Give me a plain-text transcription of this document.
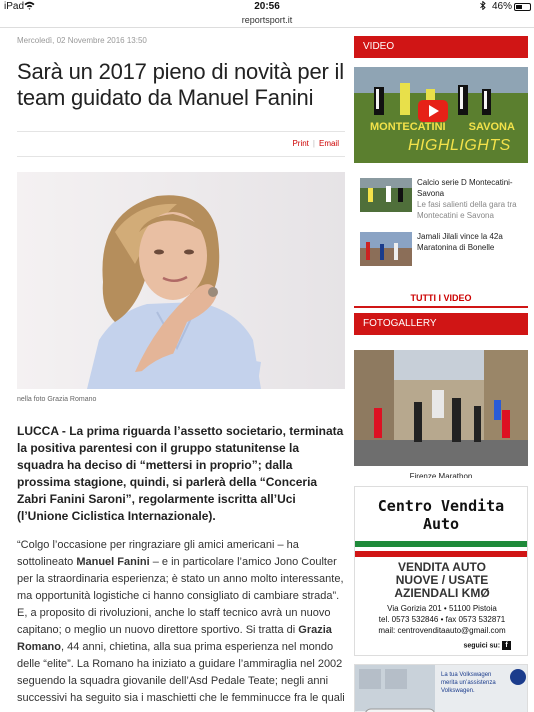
iPad	20:56	46%
reportsport.it
Mercoledì, 02 Novembre 2016 13:50
Sarà un 2017 pieno di novità per il team guidato da Manuel Fanini
Print | Email
nella foto Grazia Romano

LUCCA - La prima riguarda l’assetto societario, terminata la positiva parentesi con il gruppo statunitense la squadra ha deciso di “mettersi in proprio”; dalla prossima stagione, quindi, si parlerà della “Conceria Zabri Fanini Saroni”, regolarmente iscritta all’Uci (l’Unione Ciclistica Internazionale).

“Colgo l’occasione per ringraziare gli amici americani – ha sottolineato Manuel Fanini – e in particolare l’amico Jono Coulter per la straordinaria esperienza; è stato un anno molto interessante, ma opportunità logistiche ci hanno consigliato di cambiare strada”. E, a proposito di rivoluzioni, anche lo staff tecnico avrà un nuovo capitano; o meglio un nuovo direttore sportivo. Si tratta di Grazia Romano, 44 anni, chietina, alla sua prima esperienza nel mondo delle “elite”. La Romano ha iniziato a guidare l’ammiraglia nel 2002 seguendo la squadra giovanile dell’Asd Pedale Teate; negli anni successivi ha seguito sia i maschietti che le femminucce fra le quali

VIDEO
MONTECATINI SAVONA
HIGHLIGHTS
Calcio serie D Montecatini-Savona
Le fasi salienti della gara tra Montecatini e Savona
Jamali Jilali vince la 42a Maratonina di Bonelle
TUTTI I VIDEO
FOTOGALLERY
Firenze Marathon
Centro Vendita
Auto
VENDITA AUTO
NUOVE / USATE
AZIENDALI KMØ
Via Gorizia 201 • 51100 Pistoia
tel. 0573 532846 • fax 0573 532871
mail: centrovenditaauto@gmail.com
seguici su: f
La tua Volkswagen merita un’assistenza Volkswagen.
